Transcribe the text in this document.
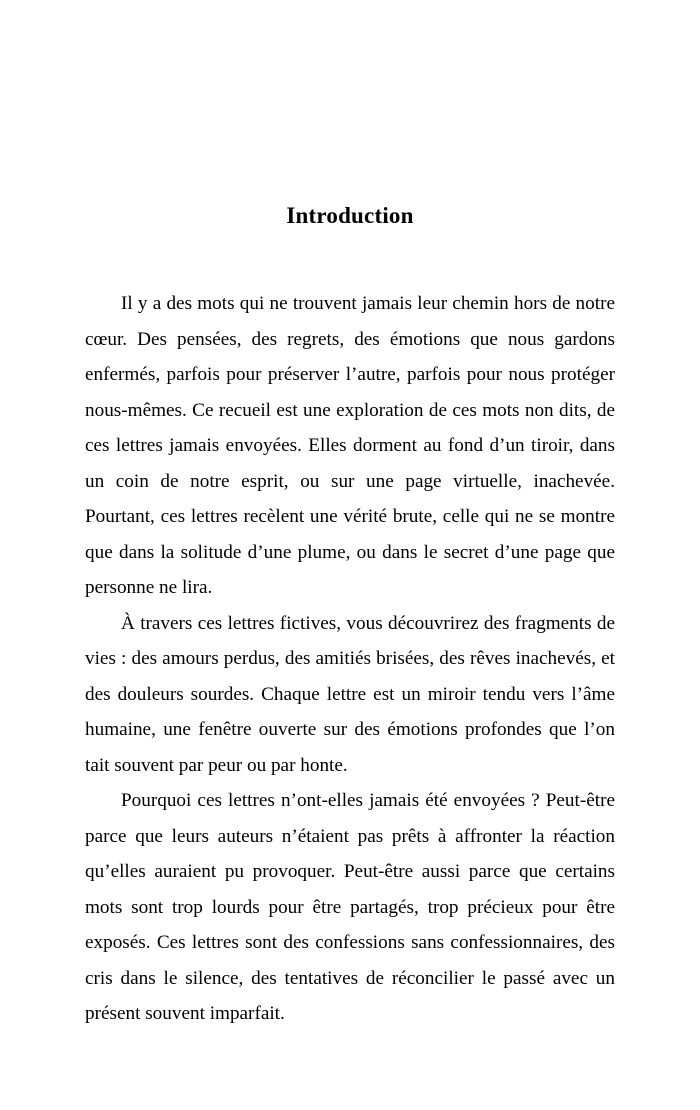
Introduction

Il y a des mots qui ne trouvent jamais leur chemin hors de notre cœur. Des pensées, des regrets, des émotions que nous gardons enfermés, parfois pour préserver l’autre, parfois pour nous protéger nous-mêmes. Ce recueil est une exploration de ces mots non dits, de ces lettres jamais envoyées. Elles dorment au fond d’un tiroir, dans un coin de notre esprit, ou sur une page virtuelle, inachevée. Pourtant, ces lettres recèlent une vérité brute, celle qui ne se montre que dans la solitude d’une plume, ou dans le secret d’une page que personne ne lira.

À travers ces lettres fictives, vous découvrirez des fragments de vies : des amours perdus, des amitiés brisées, des rêves inachevés, et des douleurs sourdes. Chaque lettre est un miroir tendu vers l’âme humaine, une fenêtre ouverte sur des émotions profondes que l’on tait souvent par peur ou par honte.

Pourquoi ces lettres n’ont-elles jamais été envoyées ? Peut-être parce que leurs auteurs n’étaient pas prêts à affronter la réaction qu’elles auraient pu provoquer. Peut-être aussi parce que certains mots sont trop lourds pour être partagés, trop précieux pour être exposés. Ces lettres sont des confessions sans confessionnaires, des cris dans le silence, des tentatives de réconcilier le passé avec un présent souvent imparfait.
